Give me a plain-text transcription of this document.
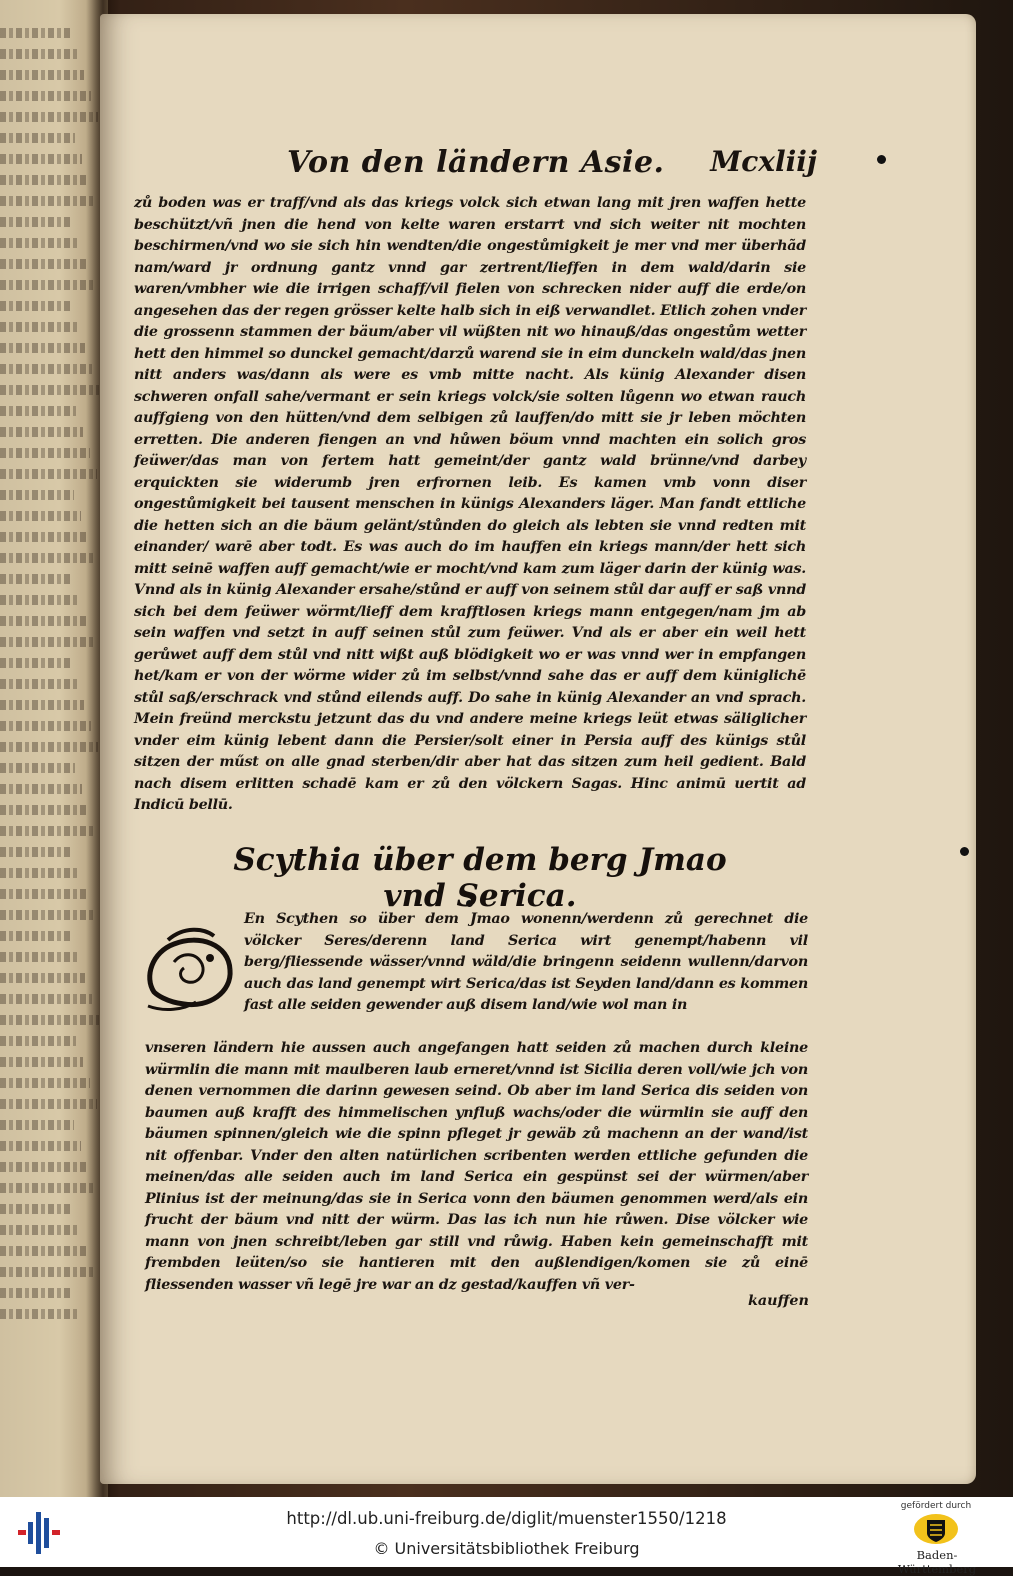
Von den ländern Asie. Mcxliij

zů boden was er traff/vnd als das kriegs volck sich etwan lang mit jren waffen hette beschützt/vñ jnen die hend von kelte waren erstarrt vnd sich weiter nit mochten beschirmen/vnd wo sie sich hin wendten/die ongestůmigkeit je mer vnd mer überhãd nam/ward jr ordnung gantz vnnd gar zertrent/lieffen in dem wald/darin sie waren/vmbher wie die irrigen schaff/vil fielen von schrecken nider auff die erde/on angesehen das der regen grösser kelte halb sich in eiß verwandlet. Etlich zohen vnder die grossenn stammen der bäum/aber vil wüßten nit wo hinauß/das ongestům wetter hett den himmel so dunckel gemacht/darzů warend sie in eim dunckeln wald/das jnen nitt anders was/dann als were es vmb mitte nacht. Als künig Alexander disen schweren onfall sahe/vermant er sein kriegs volck/sie solten lůgenn wo etwan rauch auffgieng von den hütten/vnd dem selbigen zů lauffen/do mitt sie jr leben möchten erretten. Die anderen fiengen an vnd hůwen böum vnnd machten ein solich gros feüwer/das man von fertem hatt gemeint/der gantz wald brünne/vnd darbey erquickten sie widerumb jren erfrornen leib. Es kamen vmb vonn diser ongestůmigkeit bei tausent menschen in künigs Alexanders läger. Man fandt ettliche die hetten sich an die bäum gelänt/stůnden do gleich als lebten sie vnnd redten mit einander/ warē aber todt. Es was auch do im hauffen ein kriegs mann/der hett sich mitt seinē waffen auff gemacht/wie er mocht/vnd kam zum läger darin der künig was. Vnnd als in künig Alexander ersahe/stůnd er auff von seinem stůl dar auff er saß vnnd sich bei dem feüwer wörmt/lieff dem krafftlosen kriegs mann entgegen/nam jm ab sein waffen vnd setzt in auff seinen stůl zum feüwer. Vnd als er aber ein weil hett gerůwet auff dem stůl vnd nitt wißt auß blödigkeit wo er was vnnd wer in empfangen het/kam er von der wörme wider zů im selbst/vnnd sahe das er auff dem küniglichē stůl saß/erschrack vnd stůnd eilends auff. Do sahe in künig Alexander an vnd sprach. Mein freünd merckstu jetzunt das du vnd andere meine kriegs leüt etwas säliglicher vnder eim künig lebent dann die Persier/solt einer in Persia auff des künigs stůl sitzen der műst on alle gnad sterben/dir aber hat das sitzen zum heil gedient. Bald nach disem erlitten schadē kam er zů den völckern Sagas. Hinc animū uertit ad Indicū bellū.

Scythia über dem berg Jmao vnd Serica.

En Scythen so über dem Jmao wonenn/werdenn zů gerechnet die völcker Seres/derenn land Serica wirt genempt/habenn vil berg/fliessende wässer/vnnd wäld/die bringenn seidenn wullenn/darvon auch das land genempt wirt Serica/das ist Seyden land/dann es kommen fast alle seiden gewender auß disem land/wie wol man in

vnseren ländern hie aussen auch angefangen hatt seiden zů machen durch kleine würmlin die mann mit maulberen laub erneret/vnnd ist Sicilia deren voll/wie jch von denen vernommen die darinn gewesen seind. Ob aber im land Serica dis seiden von baumen auß krafft des himmelischen ynfluß wachs/oder die würmlin sie auff den bäumen spinnen/gleich wie die spinn pfleget jr gewäb zů machenn an der wand/ist nit offenbar. Vnder den alten natürlichen scribenten werden ettliche gefunden die meinen/das alle seiden auch im land Serica ein gespünst sei der würmen/aber Plinius ist der meinung/das sie in Serica vonn den bäumen genommen werd/als ein frucht der bäum vnd nitt der würm. Das las ich nun hie růwen. Dise völcker wie mann von jnen schreibt/leben gar still vnd růwig. Haben kein gemeinschafft mit frembden leüten/so sie hantieren mit den außlendigen/komen sie zů einē fliessenden wasser vñ legē jre war an dz gestad/kauffen vñ ver-

kauffen
http://dl.ub.uni-freiburg.de/diglit/muenster1550/1218
© Universitätsbibliothek Freiburg
gefördert durch
Baden-Württemberg
